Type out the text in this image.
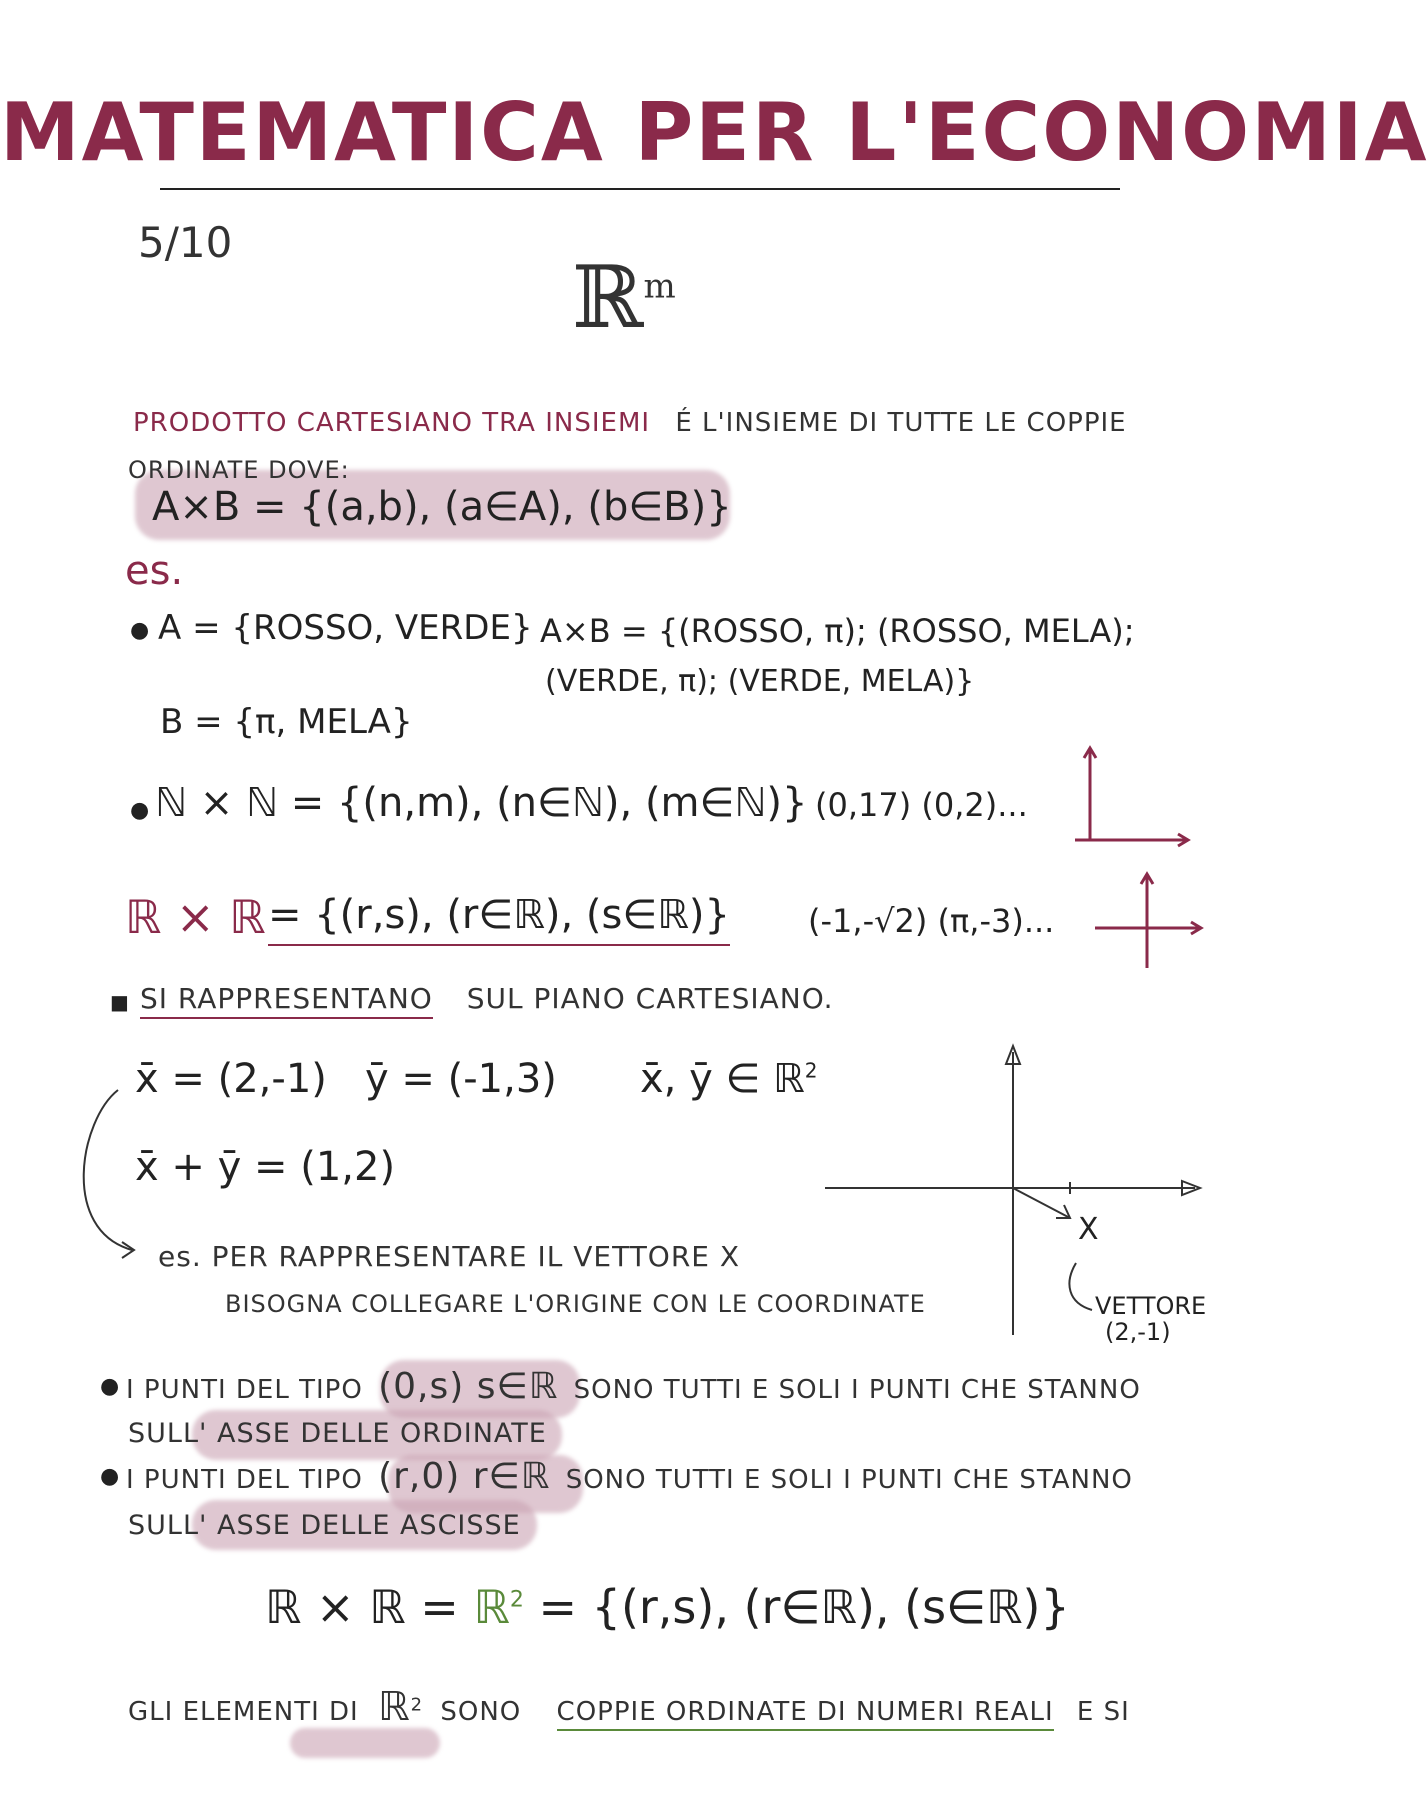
MATEMATICA PER L'ECONOMIA
5/10
ℝ$^m$
PRODOTTO CARTESIANO TRA INSIEMI É L'INSIEME DI TUTTE LE COPPIE
ORDINATE DOVE:
A×B = {(a,b), (a∈A), (b∈B)}
es.
● A = {ROSSO, VERDE}
B = {π, MELA}
A×B = {(ROSSO, π); (ROSSO, MELA);
(VERDE, π); (VERDE, MELA)}
● ℕ × ℕ = {(n,m), (n∈ℕ), (m∈ℕ)} (0,17) (0,2)...
ℝ × ℝ = {(r,s), (r∈ℝ), (s∈ℝ)} (-1,-√2) (π,-3)...
■ SI RAPPRESENTANO SUL PIANO CARTESIANO.
x̄ = (2,-1) ȳ = (-1,3) x̄, ȳ ∈ ℝ$^2$
x̄ + ȳ = (1,2)
es. PER RAPPRESENTARE IL VETTORE X
BISOGNA COLLEGARE L'ORIGINE CON LE COORDINATE
X
VETTORE
(2,-1)
● I PUNTI DEL TIPO (0,s) s∈ℝ SONO TUTTI E SOLI I PUNTI CHE STANNO
SULL' ASSE DELLE ORDINATE
● I PUNTI DEL TIPO (r,0) r∈ℝ SONO TUTTI E SOLI I PUNTI CHE STANNO
SULL' ASSE DELLE ASCISSE
ℝ × ℝ = ℝ$^2$ = {(r,s), (r∈ℝ), (s∈ℝ)}
GLI ELEMENTI DI ℝ$^2$ SONO COPPIE ORDINATE DI NUMERI REALI E SI
